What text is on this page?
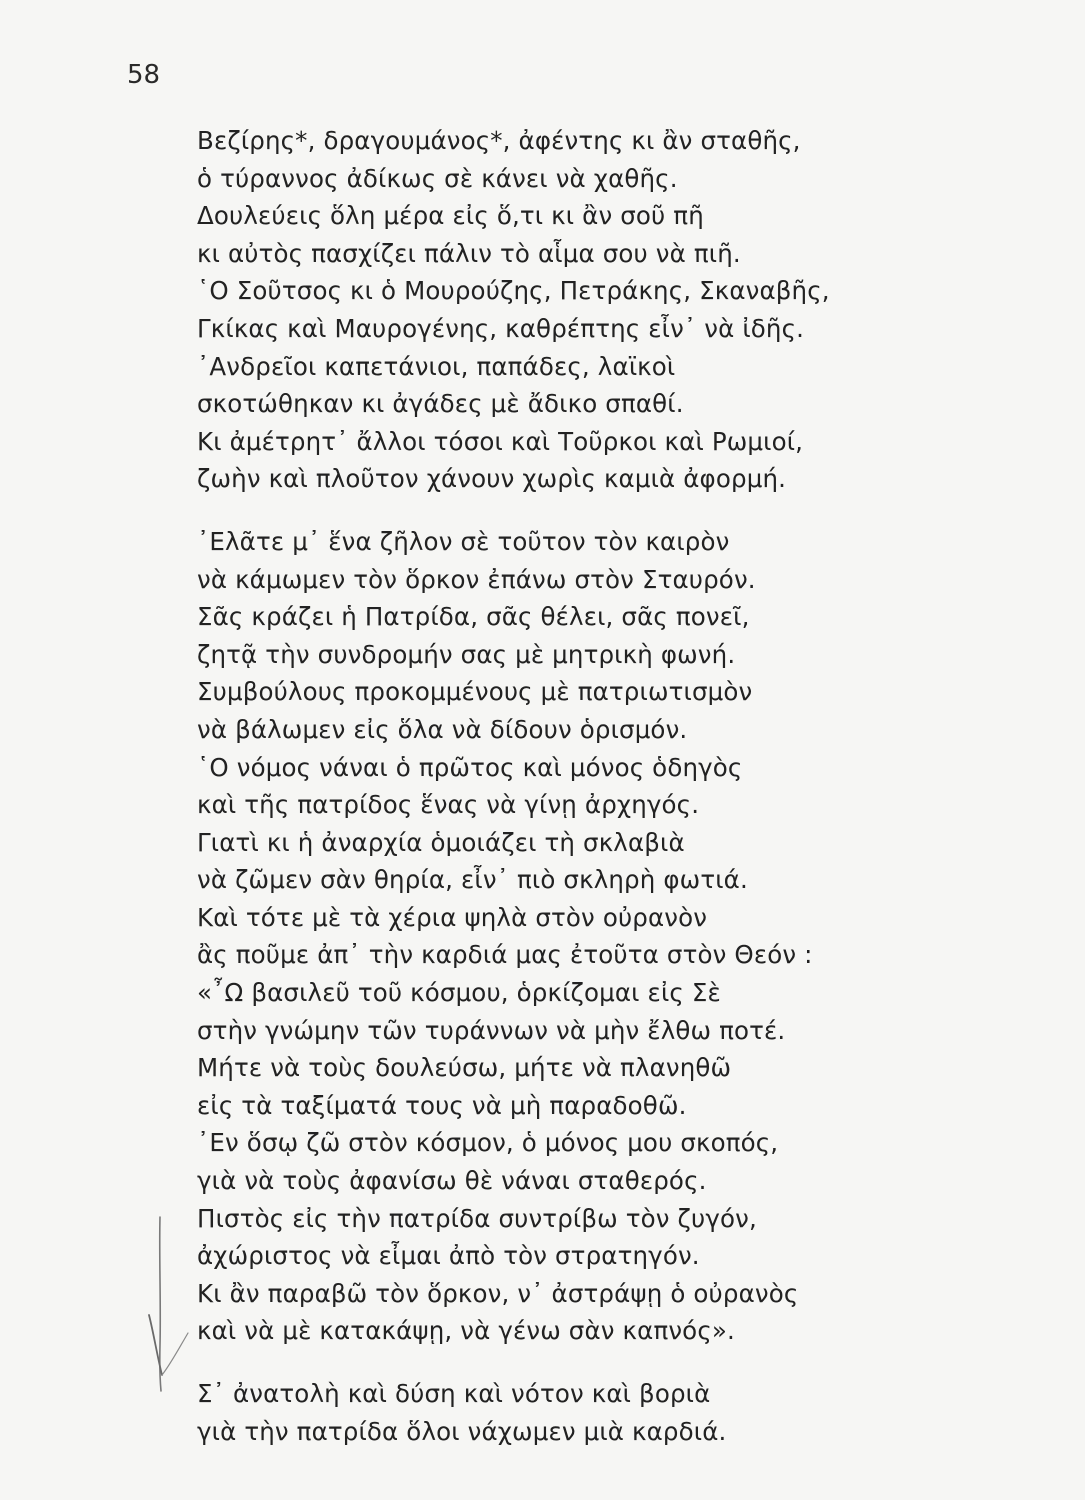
58
Βεζίρης*, δραγουμάνος*, ἀφέντης κι ἂν σταθῆς,
ὁ τύραννος ἀδίκως σὲ κάνει νὰ χαθῆς.
Δουλεύεις ὅλη μέρα εἰς ὅ,τι κι ἂν σοῦ πῆ
κι αὐτὸς πασχίζει πάλιν τὸ αἷμα σου νὰ πιῆ.
῾Ο Σοῦτσος κι ὁ Μουρούζης, Πετράκης, Σκαναβῆς,
Γκίκας καὶ Μαυρογένης, καθρέπτης εἶν᾽ νὰ ἰδῆς.
᾽Ανδρεῖοι καπετάνιοι, παπάδες, λαϊκοὶ
σκοτώθηκαν κι ἀγάδες μὲ ἄδικο σπαθί.
Κι ἀμέτρητ᾽ ἄλλοι τόσοι καὶ Τοῦρκοι καὶ Ρωμιοί,
ζωὴν καὶ πλοῦτον χάνουν χωρὶς καμιὰ ἀφορμή.
᾽Ελᾶτε μ᾽ ἕνα ζῆλον σὲ τοῦτον τὸν καιρὸν
νὰ κάμωμεν τὸν ὅρκον ἐπάνω στὸν Σταυρόν.
Σᾶς κράζει ἡ Πατρίδα, σᾶς θέλει, σᾶς πονεῖ,
ζητᾷ τὴν συνδρομήν σας μὲ μητρικὴ φωνή.
Συμβούλους προκομμένους μὲ πατριωτισμὸν
νὰ βάλωμεν εἰς ὅλα νὰ δίδουν ὁρισμόν.
῾Ο νόμος νάναι ὁ πρῶτος καὶ μόνος ὁδηγὸς
καὶ τῆς πατρίδος ἕνας νὰ γίνῃ ἀρχηγός.
Γιατὶ κι ἡ ἀναρχία ὁμοιάζει τὴ σκλαβιὰ
νὰ ζῶμεν σὰν θηρία, εἶν᾽ πιὸ σκληρὴ φωτιά.
Καὶ τότε μὲ τὰ χέρια ψηλὰ στὸν οὐρανὸν
ἂς ποῦμε ἀπ᾽ τὴν καρδιά μας ἐτοῦτα στὸν Θεόν :
«῏Ω βασιλεῦ τοῦ κόσμου, ὁρκίζομαι εἰς Σὲ
στὴν γνώμην τῶν τυράννων νὰ μὴν ἔλθω ποτέ.
Μήτε νὰ τοὺς δουλεύσω, μήτε νὰ πλανηθῶ
εἰς τὰ ταξίματά τους νὰ μὴ παραδοθῶ.
᾽Εν ὅσῳ ζῶ στὸν κόσμον, ὁ μόνος μου σκοπός,
γιὰ νὰ τοὺς ἀφανίσω θὲ νάναι σταθερός.
Πιστὸς εἰς τὴν πατρίδα συντρίβω τὸν ζυγόν,
ἀχώριστος νὰ εἶμαι ἀπὸ τὸν στρατηγόν.
Κι ἂν παραβῶ τὸν ὅρκον, ν᾽ ἀστράψῃ ὁ οὐρανὸς
καὶ νὰ μὲ κατακάψῃ, νὰ γένω σὰν καπνός».
Σ᾽ ἀνατολὴ καὶ δύση καὶ νότον καὶ βοριὰ
γιὰ τὴν πατρίδα ὅλοι νάχωμεν μιὰ καρδιά.
